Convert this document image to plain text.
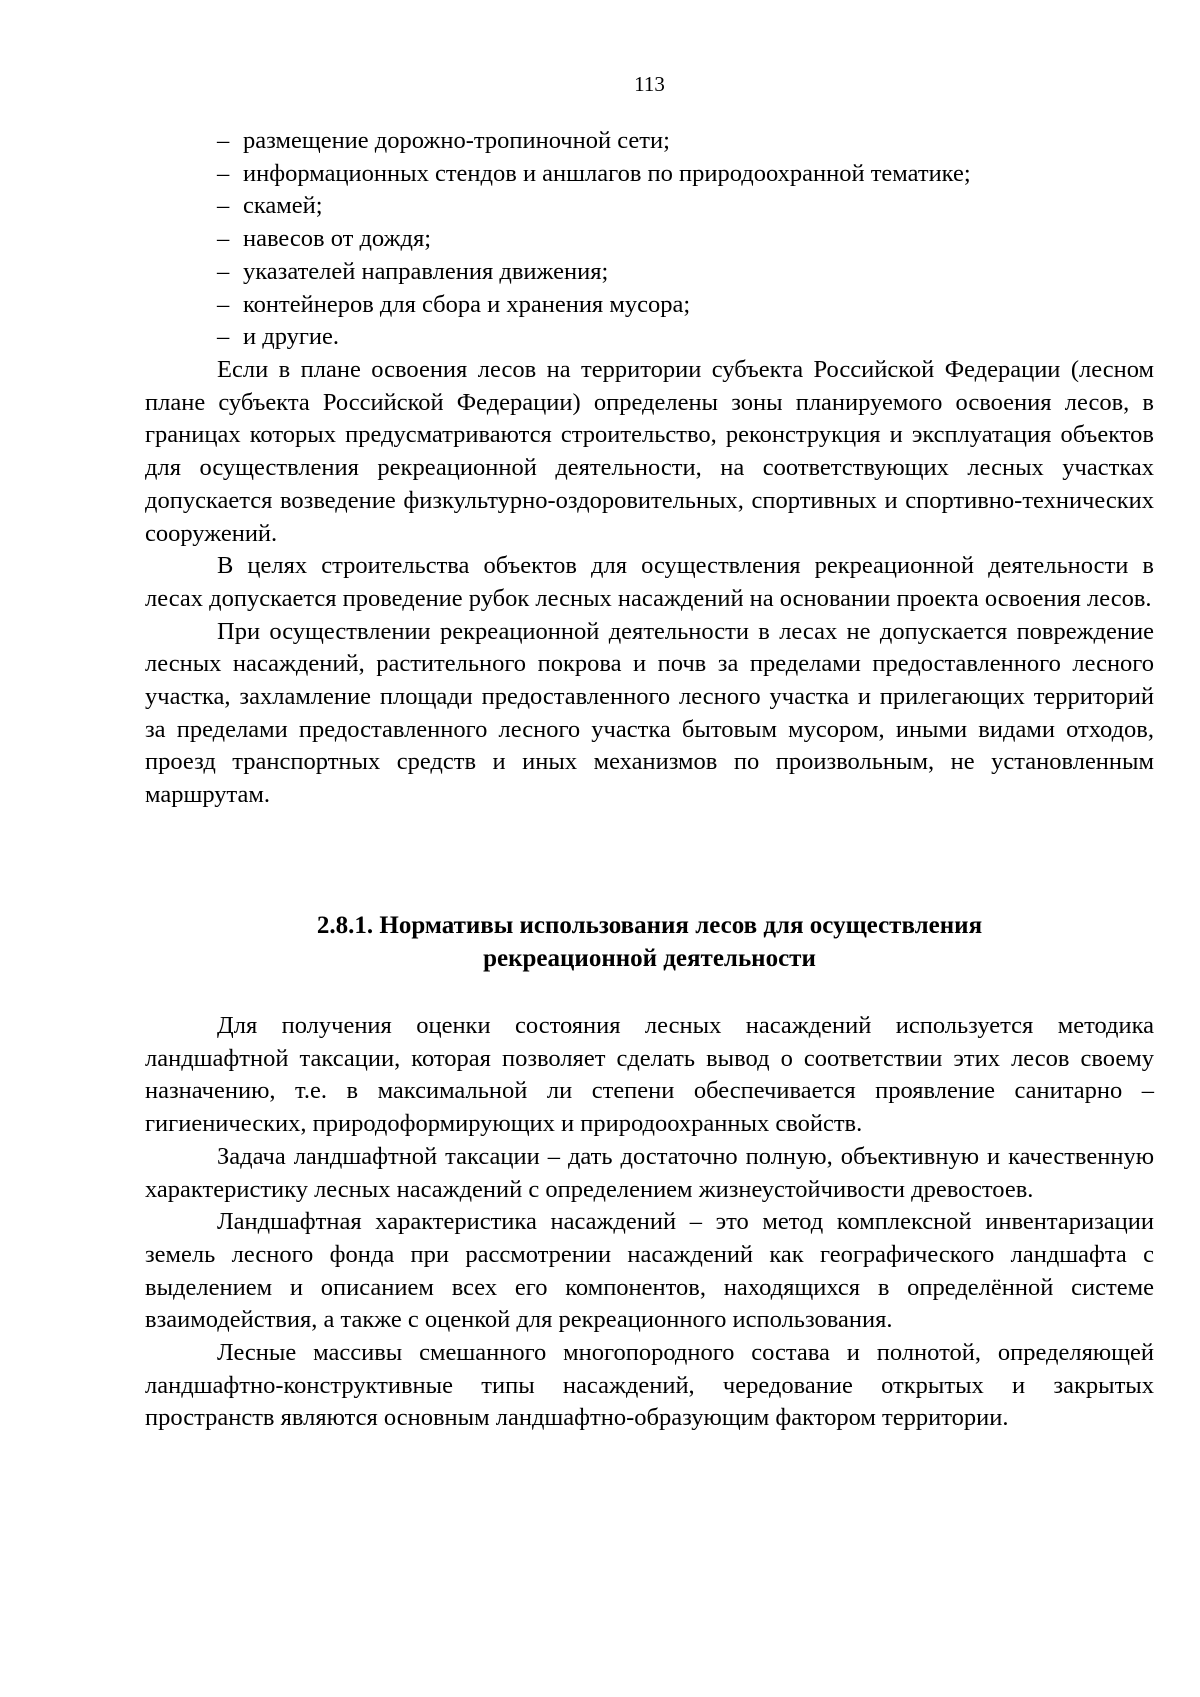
113
– размещение дорожно-тропиночной сети;
– информационных стендов и аншлагов по природоохранной тематике;
– скамей;
– навесов от дождя;
– указателей направления движения;
– контейнеров для сбора и хранения мусора;
– и другие.

Если в плане освоения лесов на территории субъекта Российской Федерации (лесном плане субъекта Российской Федерации) определены зоны планируемого освоения лесов, в границах которых предусматриваются строительство, реконструкция и эксплуатация объектов для осуществления рекреационной деятельности, на соответствующих лесных участках допускается возведение физкультурно-оздоровительных, спортивных и спортивно-технических сооружений.

В целях строительства объектов для осуществления рекреационной деятельности в лесах допускается проведение рубок лесных насаждений на основании проекта освоения лесов.

При осуществлении рекреационной деятельности в лесах не допускается повреждение лесных насаждений, растительного покрова и почв за пределами предоставленного лесного участка, захламление площади предоставленного лесного участка и прилегающих территорий за пределами предоставленного лесного участка бытовым мусором, иными видами отходов, проезд транспортных средств и иных механизмов по произвольным, не установленным маршрутам.

2.8.1. Нормативы использования лесов для осуществления
рекреационной деятельности

Для получения оценки состояния лесных насаждений используется методика ландшафтной таксации, которая позволяет сделать вывод о соответствии этих лесов своему назначению, т.е. в максимальной ли степени обеспечивается проявление санитарно – гигиенических, природоформирующих и природоохранных свойств.

Задача ландшафтной таксации – дать достаточно полную, объективную и качественную характеристику лесных насаждений с определением жизнеустойчивости древостоев.

Ландшафтная характеристика насаждений – это метод комплексной инвентаризации земель лесного фонда при рассмотрении насаждений как географического ландшафта с выделением и описанием всех его компонентов, находящихся в определённой системе взаимодействия, а также с оценкой для рекреационного использования.

Лесные массивы смешанного многопородного состава и полнотой, определяющей ландшафтно-конструктивные типы насаждений, чередование открытых и закрытых пространств являются основным ландшафтно-образующим фактором территории.
